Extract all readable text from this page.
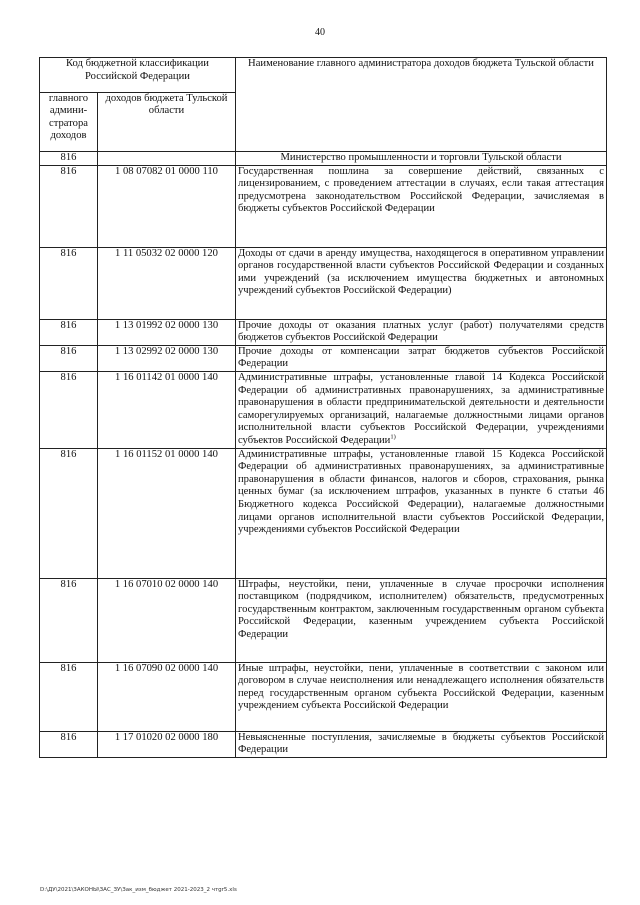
40
Код бюджетной классификации Российской Федерации		Наименование главного администратора доходов бюджета Тульской области
главного админи-стратора доходов	доходов бюджета Тульской области	
816		Министерство промышленности и торговли Тульской области
816	1 08 07082 01 0000 110	Государственная пошлина за совершение действий, связанных с лицензированием, с проведением аттестации в случаях, если такая аттестация предусмотрена законодательством Российской Федерации, зачисляемая в бюджеты субъектов Российской Федерации
816	1 11 05032 02 0000 120	Доходы от сдачи в аренду имущества, находящегося в оперативном управлении органов государственной власти субъектов Российской Федерации и созданных ими учреждений (за исключением имущества бюджетных и автономных учреждений субъектов Российской Федерации)
816	1 13 01992 02 0000 130	Прочие доходы от оказания платных услуг (работ) получателями средств бюджетов субъектов Российской Федерации
816	1 13 02992 02 0000 130	Прочие доходы от компенсации затрат бюджетов субъектов Российской Федерации
816	1 16 01142 01 0000 140	Административные штрафы, установленные главой 14 Кодекса Российской Федерации об административных правонарушениях, за административные правонарушения в области предпринимательской деятельности и деятельности саморегулируемых организаций, налагаемые должностными лицами органов исполнительной власти субъектов Российской Федерации, учреждениями субъектов Российской Федерации$^{1)}$
816	1 16 01152 01 0000 140	Административные штрафы, установленные главой 15 Кодекса Российской Федерации об административных правонарушениях, за административные правонарушения в области финансов, налогов и сборов, страхования, рынка ценных бумаг (за исключением штрафов, указанных в пункте 6 статьи 46 Бюджетного кодекса Российской Федерации), налагаемые должностными лицами органов исполнительной власти субъектов Российской Федерации, учреждениями субъектов Российской Федерации
816	1 16 07010 02 0000 140	Штрафы, неустойки, пени, уплаченные в случае просрочки исполнения поставщиком (подрядчиком, исполнителем) обязательств, предусмотренных государственным контрактом, заключенным государственным органом субъекта Российской Федерации, казенным учреждением субъекта Российской Федерации
816	1 16 07090 02 0000 140	Иные штрафы, неустойки, пени, уплаченные в соответствии с законом или договором в случае неисполнения или ненадлежащего исполнения обязательств перед государственным органом субъекта Российской Федерации, казенным учреждением субъекта Российской Федерации
816	1 17 01020 02 0000 180	Невыясненные поступления, зачисляемые в бюджеты субъектов Российской Федерации
D:\ДУ\2021\ЗАКОНЫ\ЗАС_ЗУ\Зак_изм_бюджет 2021-2023_2 чтgr5.xls
